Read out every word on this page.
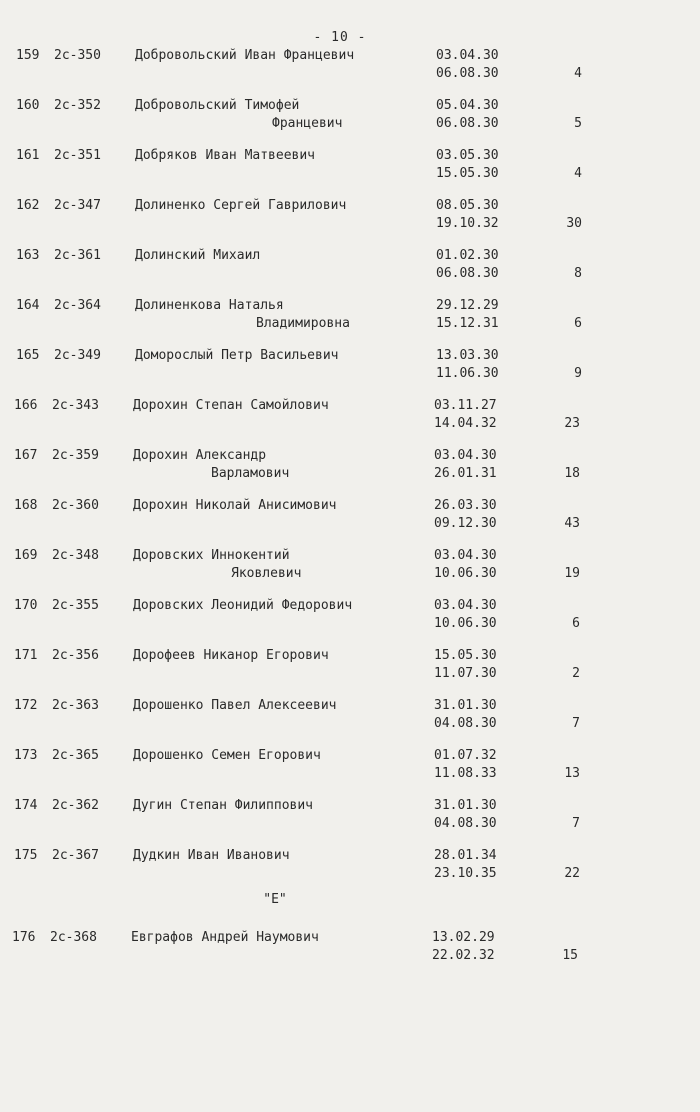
- 10 -
159 2с-350	Добровольский Иван Францевич	03.04.30
06.08.30	4
160 2с-352	Добровольский Тимофей
Францевич
05.04.30
06.08.30	5
161 2с-351	Добряков Иван Матвеевич	03.05.30
15.05.30	4
162 2с-347	Долиненко Сергей Гаврилович	08.05.30
19.10.32	30
163 2с-361	Долинский Михаил	01.02.30
06.08.30	8
164 2с-364	Долиненкова Наталья
Владимировна
29.12.29
15.12.31	6
165 2с-349	Доморослый Петр Васильевич	13.03.30
11.06.30	9
166 2с-343	Дорохин Степан Самойлович	03.11.27
14.04.32	23
167 2с-359	Дорохин Александр
Варламович
03.04.30
26.01.31	18
168 2с-360	Дорохин Николай Анисимович	26.03.30
09.12.30	43
169 2с-348	Доровских Иннокентий
Яковлевич
03.04.30
10.06.30	19
170 2с-355	Доровских Леонидий Федорович	03.04.30
10.06.30	6
171 2с-356	Дорофеев Никанор Егорович	15.05.30
11.07.30	2
172 2с-363	Дорошенко Павел Алексеевич	31.01.30
04.08.30	7
173 2с-365	Дорошенко Семен Егорович	01.07.32
11.08.33	13
174 2с-362	Дугин Степан Филиппович	31.01.30
04.08.30	7
175 2с-367	Дудкин Иван Иванович	28.01.34
23.10.35	22
176 2с-368	Евграфов Андрей Наумович	13.02.29
22.02.32	15
"Е"
